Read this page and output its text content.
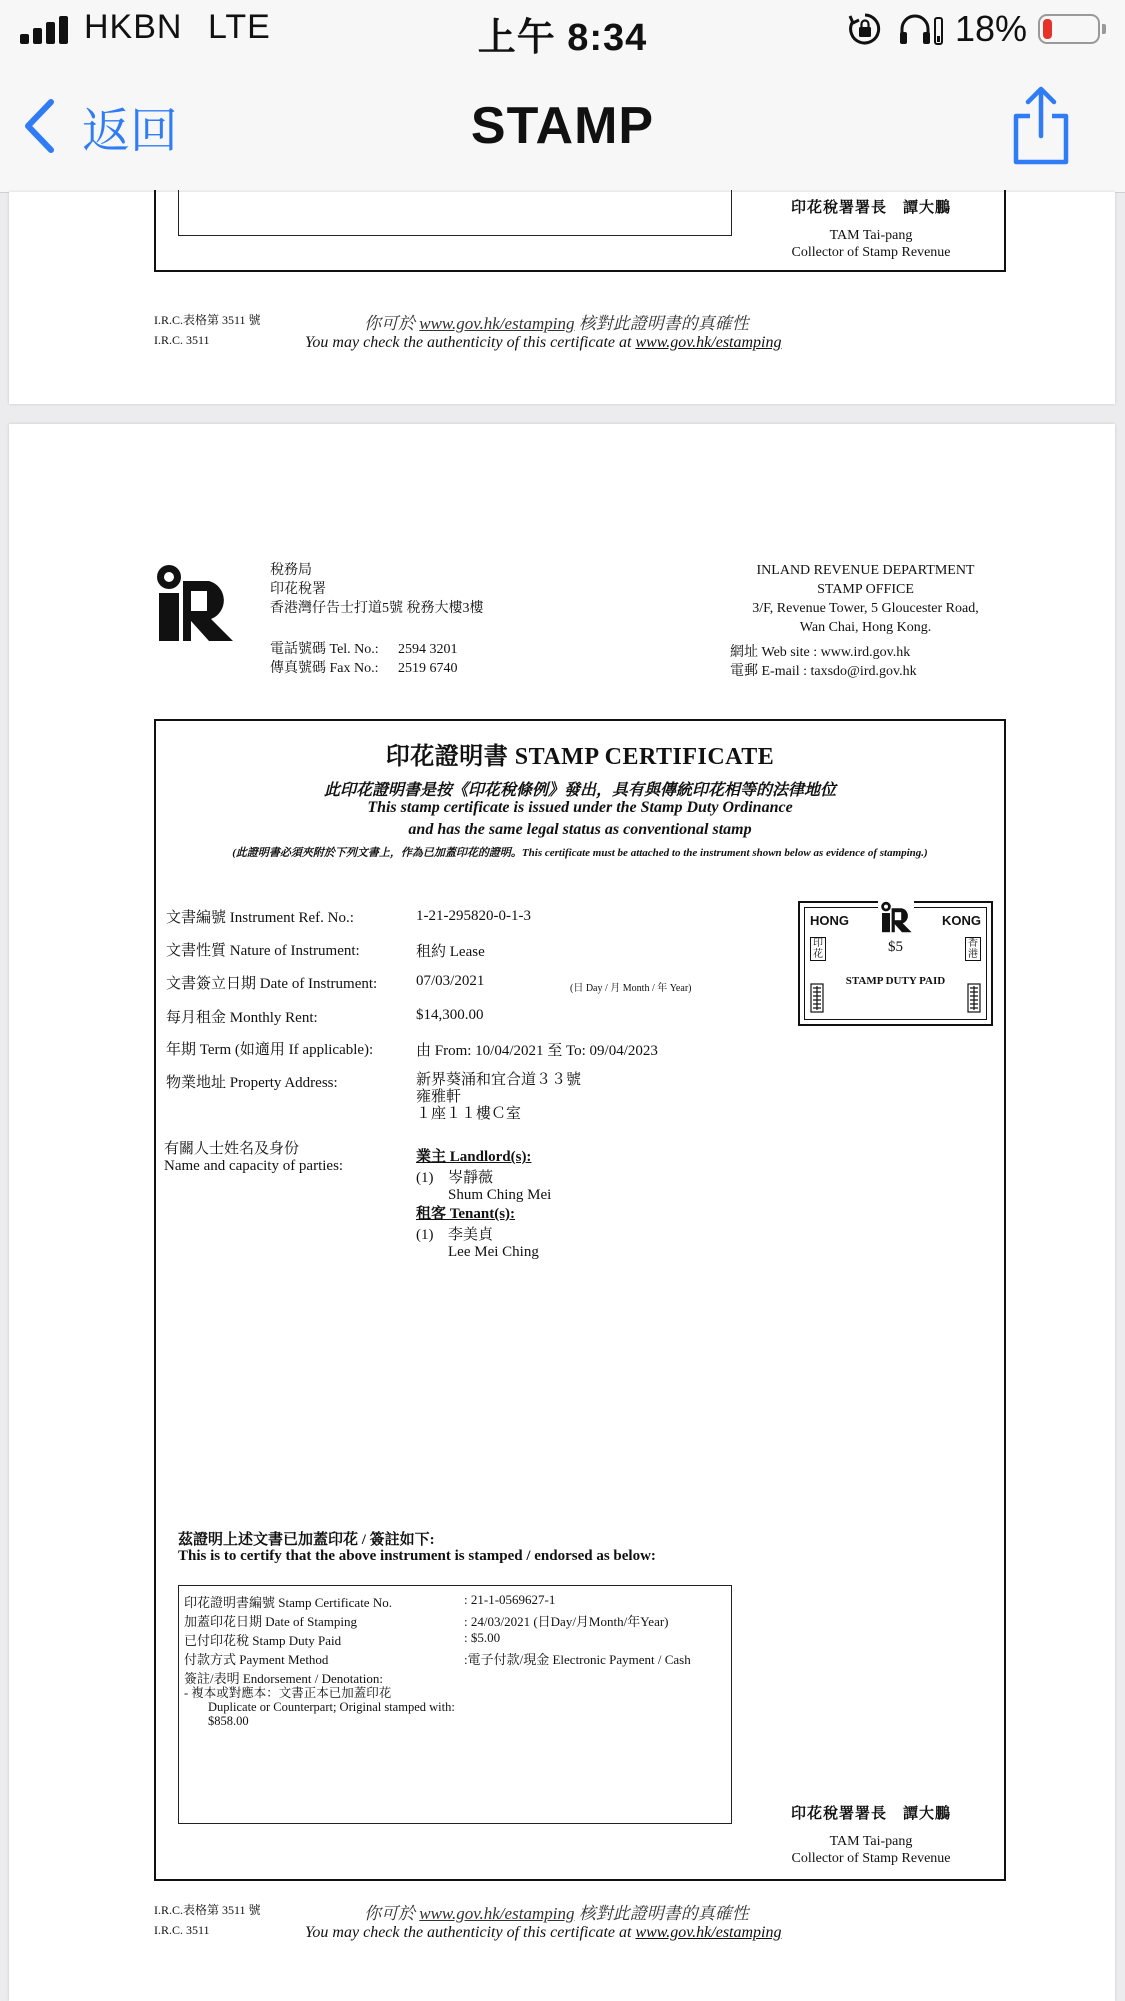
HKBN LTE	上午 8:34	18%
返回	STAMP
印花稅署署長　譚大鵬
TAM Tai-pang
Collector of Stamp Revenue
I.R.C.表格第 3511 號
I.R.C. 3511
你可於 www.gov.hk/estamping 核對此證明書的真確性
You may check the authenticity of this certificate at www.gov.hk/estamping
稅務局
印花稅署
香港灣仔告士打道5號 稅務大樓3樓
電話號碼 Tel. No.:	2594 3201
傳真號碼 Fax No.:	2519 6740
INLAND REVENUE DEPARTMENT
STAMP OFFICE
3/F, Revenue Tower, 5 Gloucester Road,
Wan Chai, Hong Kong.
網址 Web site : www.ird.gov.hk
電郵 E-mail : taxsdo@ird.gov.hk
印花證明書 STAMP CERTIFICATE
此印花證明書是按《印花稅條例》發出，具有與傳統印花相等的法律地位
This stamp certificate is issued under the Stamp Duty Ordinance
and has the same legal status as conventional stamp
(此證明書必須夾附於下列文書上，作為已加蓋印花的證明。This certificate must be attached to the instrument shown below as evidence of stamping.)
文書編號 Instrument Ref. No.:	1-21-295820-0-1-3
文書性質 Nature of Instrument:	租約 Lease
文書簽立日期 Date of Instrument:	07/03/2021	(日 Day / 月 Month / 年 Year)
每月租金 Monthly Rent:	$14,300.00
年期 Term (如適用 If applicable):	由 From: 10/04/2021 至 To: 09/04/2023
物業地址 Property Address:	新界葵涌和宜合道３３號
雍雅軒
１座１１樓Ｃ室
有關人士姓名及身份
Name and capacity of parties:
業主 Landlord(s):
(1) 岑靜薇
Shum Ching Mei
租客 Tenant(s):
(1) 李美貞
Lee Mei Ching
HONG	KONG
印花
香港
$5
STAMP DUTY PAID
茲證明上述文書已加蓋印花 / 簽註如下:
This is to certify that the above instrument is stamped / endorsed as below:
印花證明書編號 Stamp Certificate No.	: 21-1-0569627-1
加蓋印花日期 Date of Stamping	: 24/03/2021 (日Day/月Month/年Year)
已付印花稅 Stamp Duty Paid	: $5.00
付款方式 Payment Method	:電子付款/現金 Electronic Payment / Cash
簽註/表明 Endorsement / Denotation:
- 複本或對應本：文書正本已加蓋印花
Duplicate or Counterpart; Original stamped with:
$858.00
印花稅署署長　譚大鵬
TAM Tai-pang
Collector of Stamp Revenue
I.R.C.表格第 3511 號
I.R.C. 3511
你可於 www.gov.hk/estamping 核對此證明書的真確性
You may check the authenticity of this certificate at www.gov.hk/estamping
